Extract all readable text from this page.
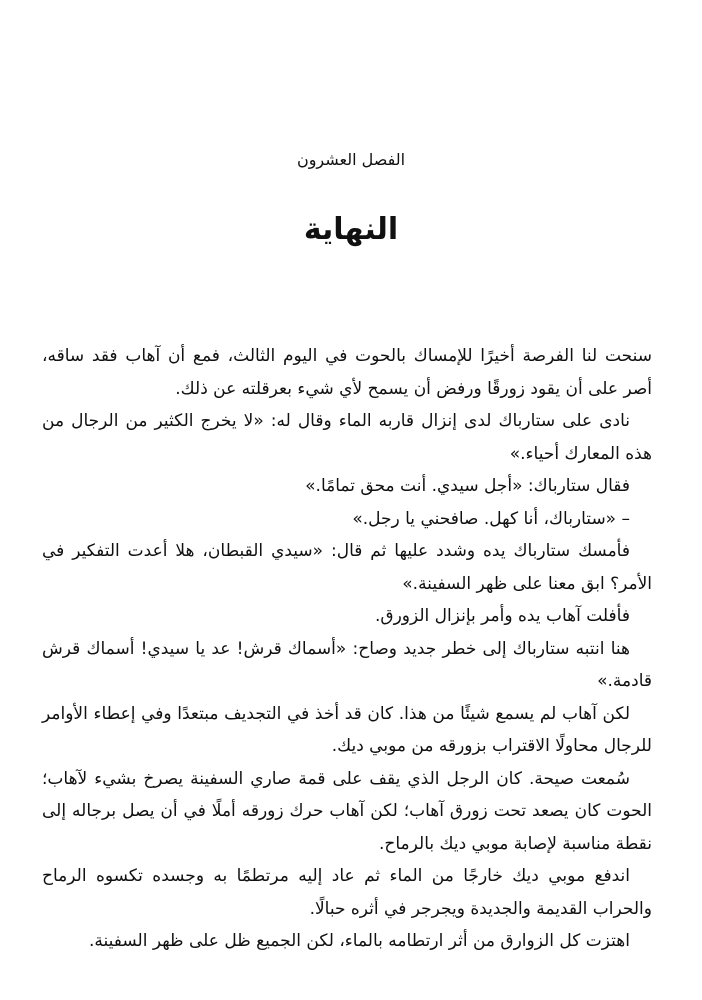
الفصل العشرون
النهاية

سنحت لنا الفرصة أخيرًا للإمساك بالحوت في اليوم الثالث، فمع أن آهاب فقد ساقه، أصر على أن يقود زورقًا ورفض أن يسمح لأي شيء بعرقلته عن ذلك.

نادى على ستارباك لدى إنزال قاربه الماء وقال له: «لا يخرج الكثير من الرجال من هذه المعارك أحياء.»

فقال ستارباك: «أجل سيدي. أنت محق تمامًا.»

– «ستارباك، أنا كهل. صافحني يا رجل.»

فأمسك ستارباك يده وشدد عليها ثم قال: «سيدي القبطان، هلا أعدت التفكير في الأمر؟ ابق معنا على ظهر السفينة.»

فأفلت آهاب يده وأمر بإنزال الزورق.

هنا انتبه ستارباك إلى خطر جديد وصاح: «أسماك قرش! عد يا سيدي! أسماك قرش قادمة.»

لكن آهاب لم يسمع شيئًا من هذا. كان قد أخذ في التجديف مبتعدًا وفي إعطاء الأوامر للرجال محاولًا الاقتراب بزورقه من موبي ديك.

سُمعت صيحة. كان الرجل الذي يقف على قمة صاري السفينة يصرخ بشيء لآهاب؛ الحوت كان يصعد تحت زورق آهاب؛ لكن آهاب حرك زورقه أملًا في أن يصل برجاله إلى نقطة مناسبة لإصابة موبي ديك بالرماح.

اندفع موبي ديك خارجًا من الماء ثم عاد إليه مرتطمًا به وجسده تكسوه الرماح والحراب القديمة والجديدة ويجرجر في أثره حبالًا.

اهتزت كل الزوارق من أثر ارتطامه بالماء، لكن الجميع ظل على ظهر السفينة.
